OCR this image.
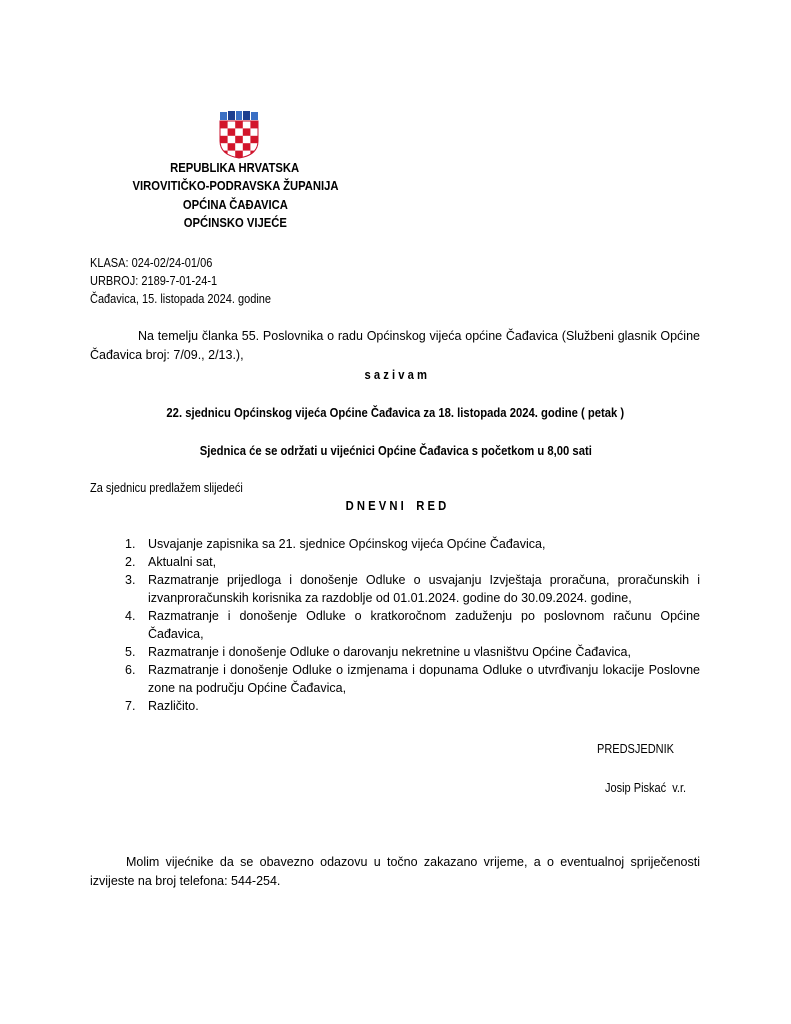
REPUBLIKA HRVATSKA
VIROVITIČKO-PODRAVSKA ŽUPANIJA
OPĆINA ČAĐAVICA
OPĆINSKO VIJEĆE
KLASA: 024-02/24-01/06
URBROJ: 2189-7-01-24-1
Čađavica, 15. listopada 2024. godine
Na temelju članka 55. Poslovnika o radu Općinskog vijeća općine Čađavica (Službeni glasnik Općine Čađavica broj: 7/09., 2/13.),
s a z i v a m
22. sjednicu Općinskog vijeća Općine Čađavica za 18. listopada 2024. godine ( petak )
Sjednica će se održati u vijećnici Općine Čađavica s početkom u 8,00 sati
Za sjednicu predlažem slijedeći
D N E V N I    R E D
1. Usvajanje zapisnika sa 21. sjednice Općinskog vijeća Općine Čađavica,
2. Aktualni sat,
3. Razmatranje prijedloga i donošenje Odluke o usvajanju Izvještaja proračuna, proračunskih i izvanproračunskih korisnika za razdoblje od 01.01.2024. godine do 30.09.2024. godine,
4. Razmatranje i donošenje Odluke o kratkoročnom zaduženju po poslovnom računu Općine Čađavica,
5. Razmatranje i donošenje Odluke o darovanju nekretnine u vlasništvu Općine Čađavica,
6. Razmatranje i donošenje Odluke o izmjenama i dopunama Odluke o utvrđivanju lokacije Poslovne zone na području Općine Čađavica,
7. Različito.
PREDSJEDNIK
Josip Piskać  v.r.
Molim vijećnike da se obavezno odazovu u točno zakazano vrijeme, a o eventualnoj spriječenosti izvijeste na broj telefona: 544-254.
